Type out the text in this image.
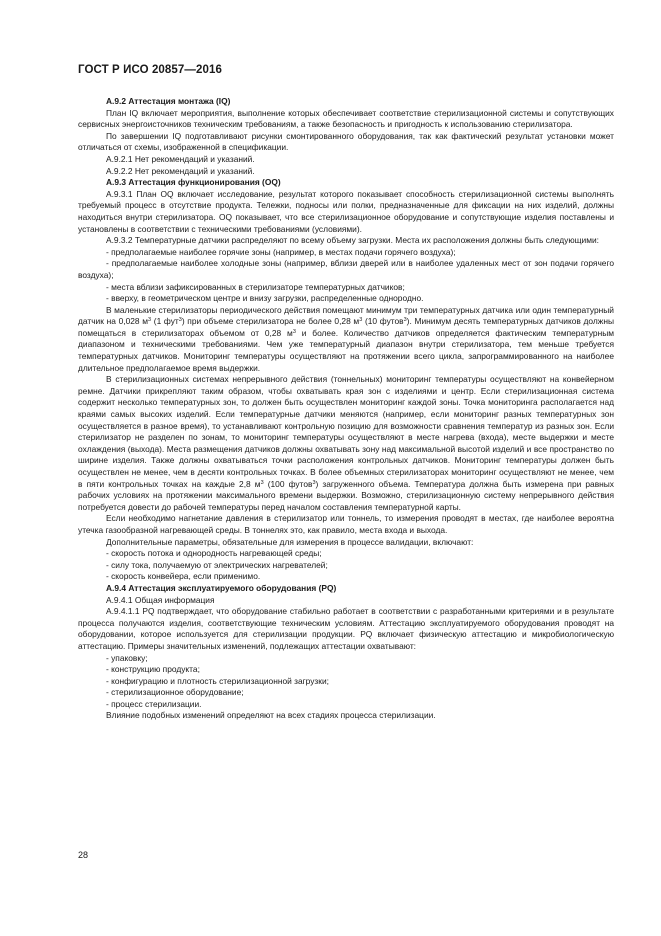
ГОСТ Р ИСО 20857—2016

А.9.2 Аттестация монтажа (IQ)

План IQ включает мероприятия, выполнение которых обеспечивает соответствие стерилизационной системы и сопутствующих сервисных энергоисточников техническим требованиям, а также безопасность и пригодность к использованию стерилизатора.

По завершении IQ подготавливают рисунки смонтированного оборудования, так как фактический результат установки может отличаться от схемы, изображенной в спецификации.

А.9.2.1 Нет рекомендаций и указаний.

А.9.2.2 Нет рекомендаций и указаний.

А.9.3 Аттестация функционирования (OQ)

А.9.3.1 План OQ включает исследование, результат которого показывает способность стерилизационной системы выполнять требуемый процесс в отсутствие продукта. Тележки, подносы или полки, предназначенные для фиксации на них изделий, должны находиться внутри стерилизатора. OQ показывает, что все стерилизационное оборудование и сопутствующие изделия поставлены и установлены в соответствии с техническими требованиями (условиями).

А.9.3.2 Температурные датчики распределяют по всему объему загрузки. Места их расположения должны быть следующими:

- предполагаемые наиболее горячие зоны (например, в местах подачи горячего воздуха);

- предполагаемые наиболее холодные зоны (например, вблизи дверей или в наиболее удаленных мест от зон подачи горячего воздуха);

- места вблизи зафиксированных в стерилизаторе температурных датчиков;

- вверху, в геометрическом центре и внизу загрузки, распределенные однородно.

В маленькие стерилизаторы периодического действия помещают минимум три температурных датчика или один температурный датчик на 0,028 $м^3$ (1 фут$^3$) при объеме стерилизатора не более 0,28 $м^3$ (10 футов$^3$). Минимум десять температурных датчиков должны помещаться в стерилизаторах объемом от 0,28 $м^3$ и более. Количество датчиков определяется фактическим температурным диапазоном и техническими требованиями. Чем уже температурный диапазон внутри стерилизатора, тем меньше требуется температурных датчиков. Мониторинг температуры осуществляют на протяжении всего цикла, запрограммированного на наиболее длительное предполагаемое время выдержки.

В стерилизационных системах непрерывного действия (тоннельных) мониторинг температуры осуществляют на конвейерном ремне. Датчики прикрепляют таким образом, чтобы охватывать края зон с изделиями и центр. Если стерилизационная система содержит несколько температурных зон, то должен быть осуществлен мониторинг каждой зоны. Точка мониторинга располагается над краями самых высоких изделий. Если температурные датчики меняются (например, если мониторинг разных температурных зон осуществляется в разное время), то устанавливают контрольную позицию для возможности сравнения температур из разных зон. Если стерилизатор не разделен по зонам, то мониторинг температуры осуществляют в месте нагрева (входа), месте выдержки и месте охлаждения (выхода). Места размещения датчиков должны охватывать зону над максимальной высотой изделий и все пространство по ширине изделия. Также должны охватываться точки расположения контрольных датчиков. Мониторинг температуры должен быть осуществлен не менее, чем в десяти контрольных точках. В более объемных стерилизаторах мониторинг осуществляют не менее, чем в пяти контрольных точках на каждые 2,8 $м^3$ (100 футов$^3$) загруженного объема. Температура должна быть измерена при равных рабочих условиях на протяжении максимального времени выдержки. Возможно, стерилизационную систему непрерывного действия потребуется довести до рабочей температуры перед началом составления температурной карты.

Если необходимо нагнетание давления в стерилизатор или тоннель, то измерения проводят в местах, где наиболее вероятна утечка газообразной нагревающей среды. В тоннелях это, как правило, места входа и выхода.

Дополнительные параметры, обязательные для измерения в процессе валидации, включают:

- скорость потока и однородность нагревающей среды;

- силу тока, получаемую от электрических нагревателей;

- скорость конвейера, если применимо.

А.9.4 Аттестация эксплуатируемого оборудования (PQ)

А.9.4.1 Общая информация

А.9.4.1.1 PQ подтверждает, что оборудование стабильно работает в соответствии с разработанными критериями и в результате процесса получаются изделия, соответствующие техническим условиям. Аттестацию эксплуатируемого оборудования проводят на оборудовании, которое используется для стерилизации продукции. PQ включает физическую аттестацию и микробиологическую аттестацию. Примеры значительных изменений, подлежащих аттестации охватывают:

- упаковку;

- конструкцию продукта;

- конфигурацию и плотность стерилизационной загрузки;

- стерилизационное оборудование;

- процесс стерилизации.

Влияние подобных изменений определяют на всех стадиях процесса стерилизации.

28
